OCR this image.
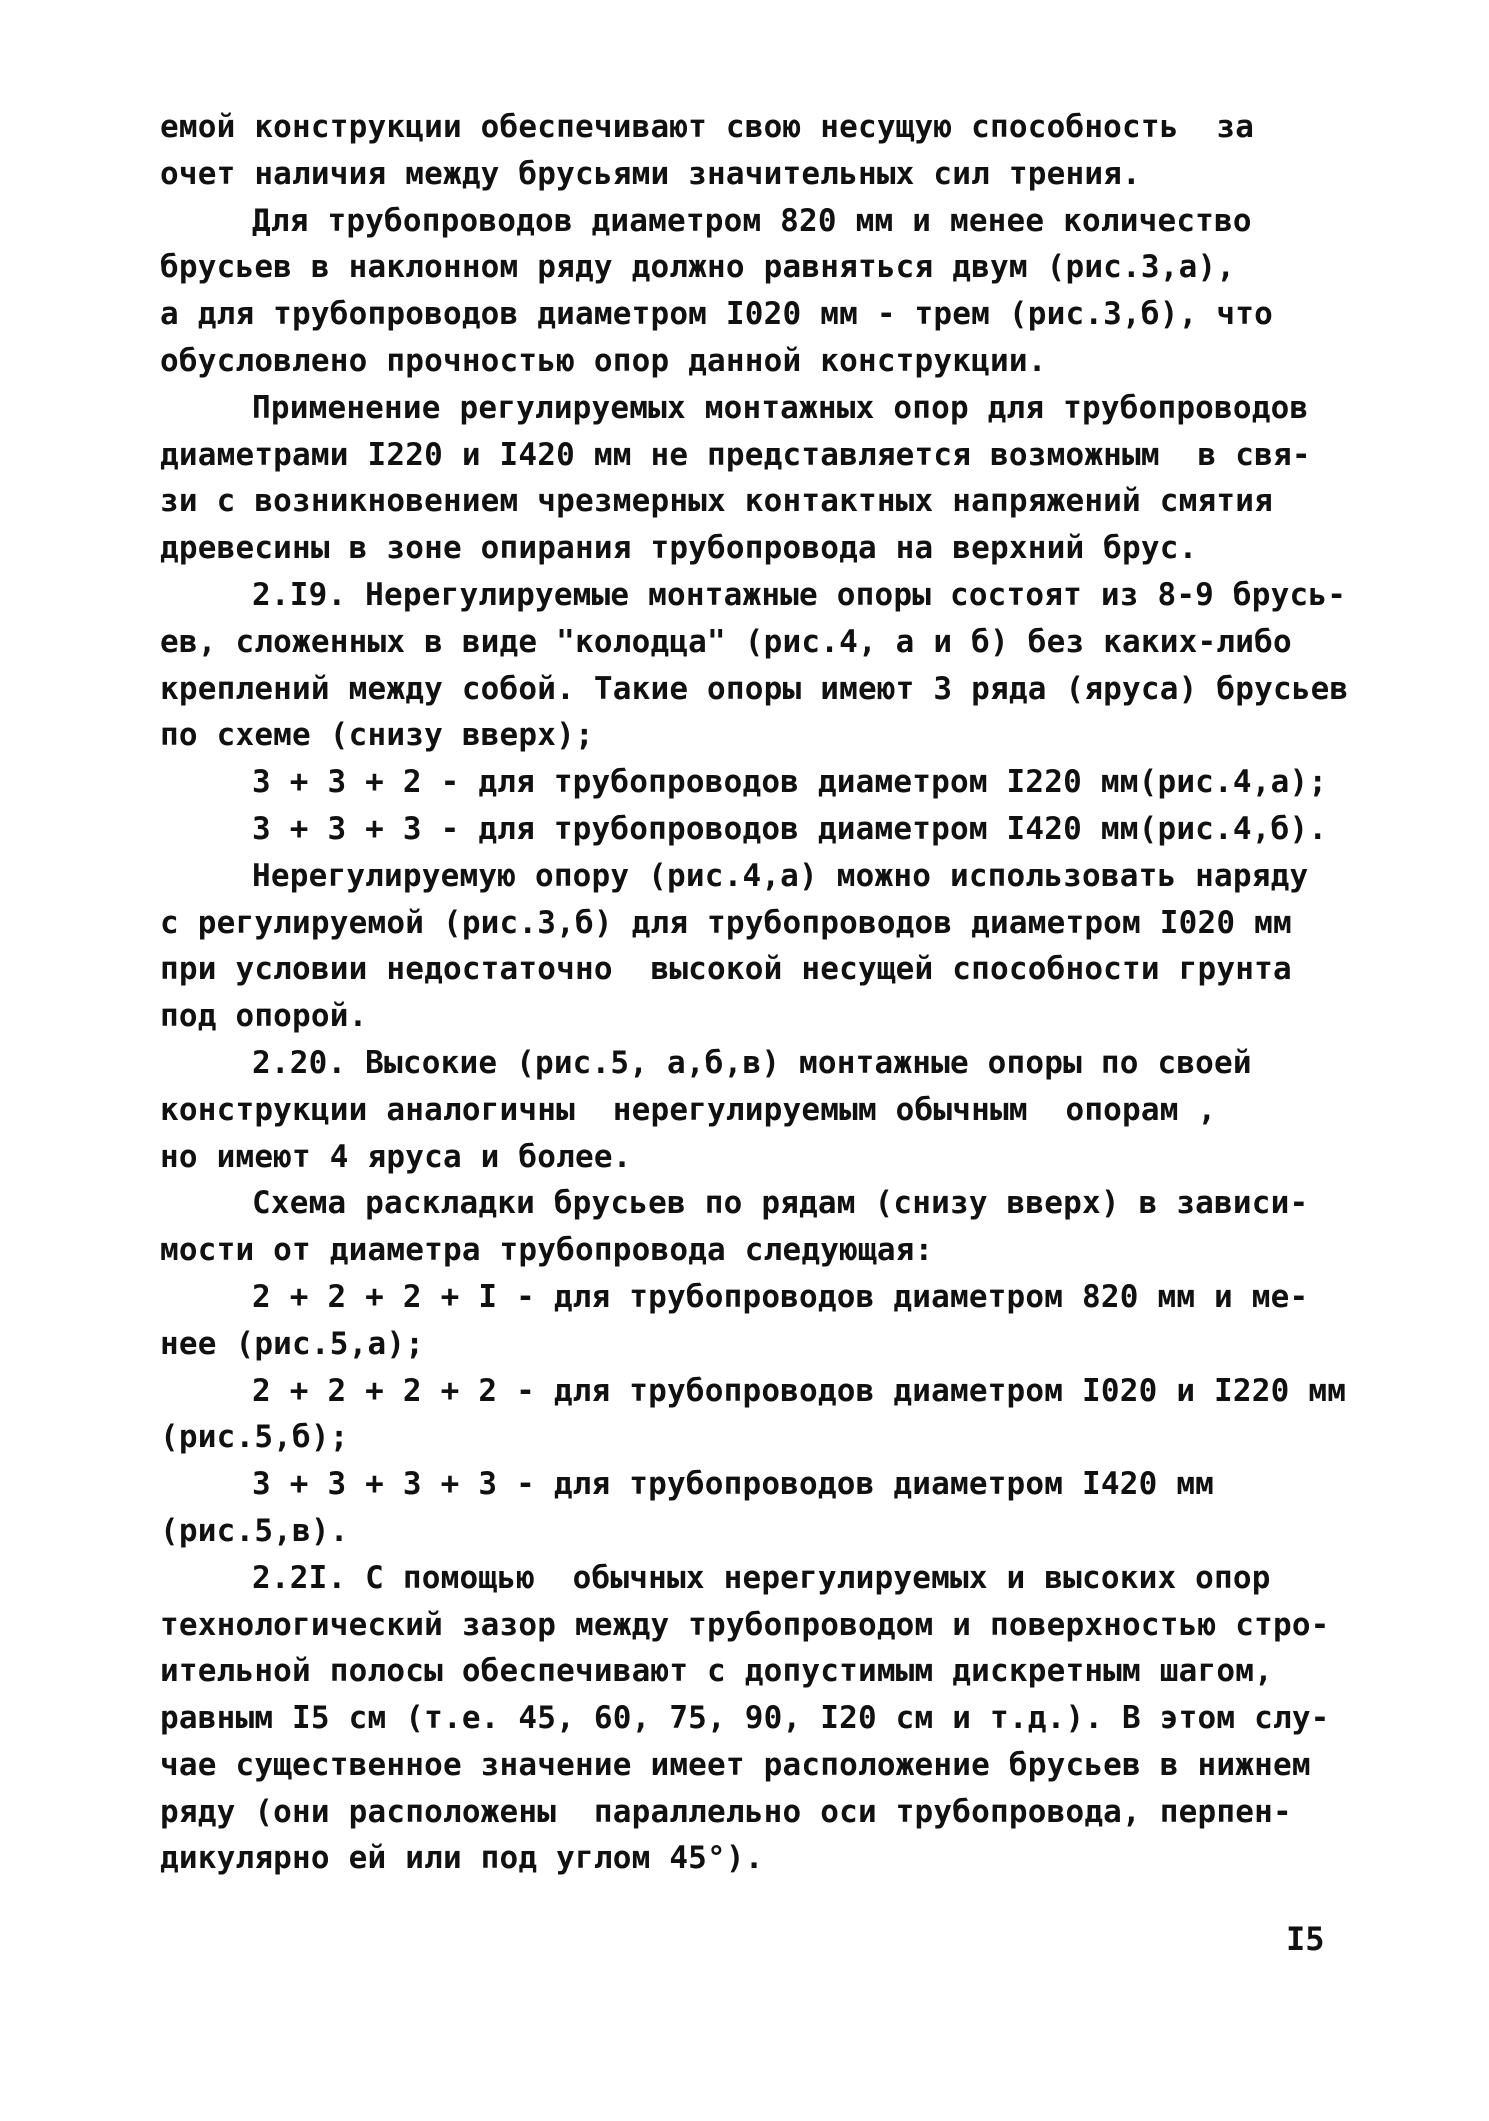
емой конструкции обеспечивают свою несущую способность  за
очет наличия между брусьями значительных сил трения.
Для трубопроводов диаметром 820 мм и менее количество
брусьев в наклонном ряду должно равняться двум (рис.3,а),
а для трубопроводов диаметром I020 мм - трем (рис.3,б), что
обусловлено прочностью опор данной конструкции.
Применение регулируемых монтажных опор для трубопроводов
диаметрами I220 и I420 мм не представляется возможным  в свя-
зи с возникновением чрезмерных контактных напряжений смятия
древесины в зоне опирания трубопровода на верхний брус.
2.I9. Нерегулируемые монтажные опоры состоят из 8-9 брусь-
ев, сложенных в виде "колодца" (рис.4, а и б) без каких-либо
креплений между собой. Такие опоры имеют 3 ряда (яруса) брусьев
по схеме (снизу вверх);
3 + 3 + 2 - для трубопроводов диаметром I220 мм(рис.4,а);
3 + 3 + 3 - для трубопроводов диаметром I420 мм(рис.4,б).
Нерегулируемую опору (рис.4,а) можно использовать наряду
с регулируемой (рис.3,б) для трубопроводов диаметром I020 мм
при условии недостаточно  высокой несущей способности грунта
под опорой.
2.20. Высокие (рис.5, а,б,в) монтажные опоры по своей
конструкции аналогичны  нерегулируемым обычным  опорам ,
но имеют 4 яруса и более.
Схема раскладки брусьев по рядам (снизу вверх) в зависи-
мости от диаметра трубопровода следующая:
2 + 2 + 2 + I - для трубопроводов диаметром 820 мм и ме-
нее (рис.5,а);
2 + 2 + 2 + 2 - для трубопроводов диаметром I020 и I220 мм
(рис.5,б);
3 + 3 + 3 + 3 - для трубопроводов диаметром I420 мм
(рис.5,в).
2.2I. С помощью  обычных нерегулируемых и высоких опор
технологический зазор между трубопроводом и поверхностью стро-
ительной полосы обеспечивают с допустимым дискретным шагом,
равным I5 см (т.е. 45, 60, 75, 90, I20 см и т.д.). В этом слу-
чае существенное значение имеет расположение брусьев в нижнем
ряду (они расположены  параллельно оси трубопровода, перпен-
дикулярно ей или под углом 45°).
I5
